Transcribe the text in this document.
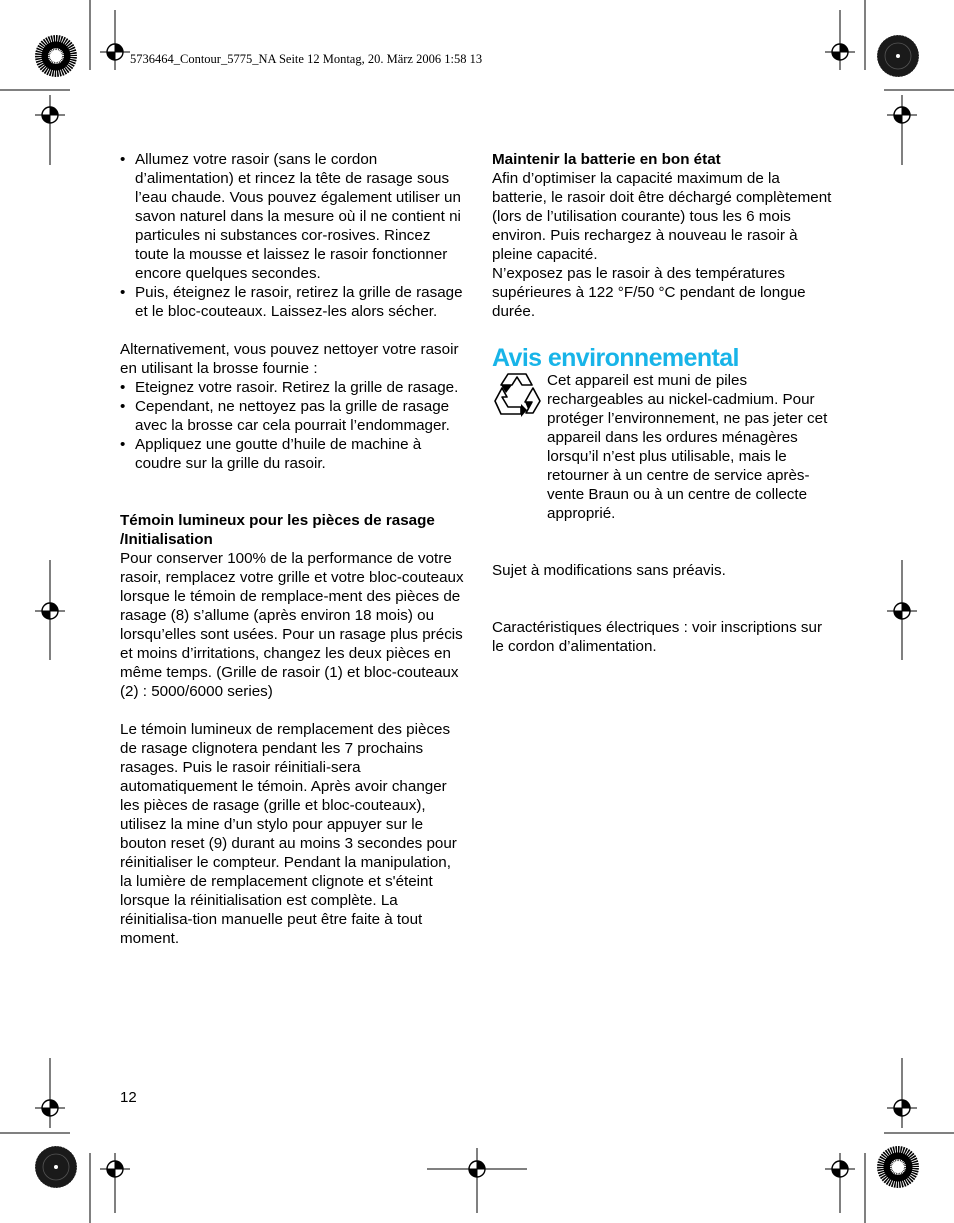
5736464_Contour_5775_NA Seite 12 Montag, 20. März 2006 1:58 13
• Allumez votre rasoir (sans le cordon d’alimentation) et rincez la tête de rasage sous l’eau chaude. Vous pouvez également utiliser un savon naturel dans la mesure où il ne contient ni particules ni substances cor-rosives. Rincez toute la mousse et laissez le rasoir fonctionner encore quelques secondes.
• Puis, éteignez le rasoir, retirez la grille de rasage et le bloc-couteaux. Laissez-les alors sécher.

Alternativement, vous pouvez nettoyer votre rasoir en utilisant la brosse fournie :

• Eteignez votre rasoir. Retirez la grille de rasage.
• Cependant, ne nettoyez pas la grille de rasage avec la brosse car cela pourrait l’endommager.
• Appliquez une goutte d’huile de machine à coudre sur la grille du rasoir.

Témoin lumineux pour les pièces de rasage /Initialisation

Pour conserver 100% de la performance de votre rasoir, remplacez votre grille et votre bloc-couteaux lorsque le témoin de remplace-ment des pièces de rasage (8) s’allume (après environ 18 mois) ou lorsqu’elles sont usées. Pour un rasage plus précis et moins d’irritations, changez les deux pièces en même temps. (Grille de rasoir (1) et bloc-couteaux (2) : 5000/6000 series)

Le témoin lumineux de remplacement des pièces de rasage clignotera pendant les 7 prochains rasages. Puis le rasoir réinitiali-sera automatiquement le témoin. Après avoir changer les pièces de rasage (grille et bloc-couteaux), utilisez la mine d’un stylo pour appuyer sur le bouton reset (9) durant au moins 3 secondes pour réinitialiser le compteur. Pendant la manipulation, la lumière de remplacement clignote et s'éteint lorsque la réinitialisation est complète. La réinitialisa-tion manuelle peut être faite à tout moment.

Maintenir la batterie en bon état

Afin d’optimiser la capacité maximum de la batterie, le rasoir doit être déchargé complètement (lors de l’utilisation courante) tous les 6 mois environ. Puis rechargez à nouveau le rasoir à pleine capacité.

N’exposez pas le rasoir à des températures supérieures à 122 °F/50 °C pendant de longue durée.

Avis environnemental

Cet appareil est muni de piles rechargeables au nickel-cadmium. Pour protéger l’environnement, ne pas jeter cet appareil dans les ordures ménagères lorsqu’il n’est plus utilisable, mais le retourner à un centre de service après-vente Braun ou à un centre de collecte approprié.

Sujet à modifications sans préavis.

Caractéristiques électriques : voir inscriptions sur le cordon d’alimentation.

12
